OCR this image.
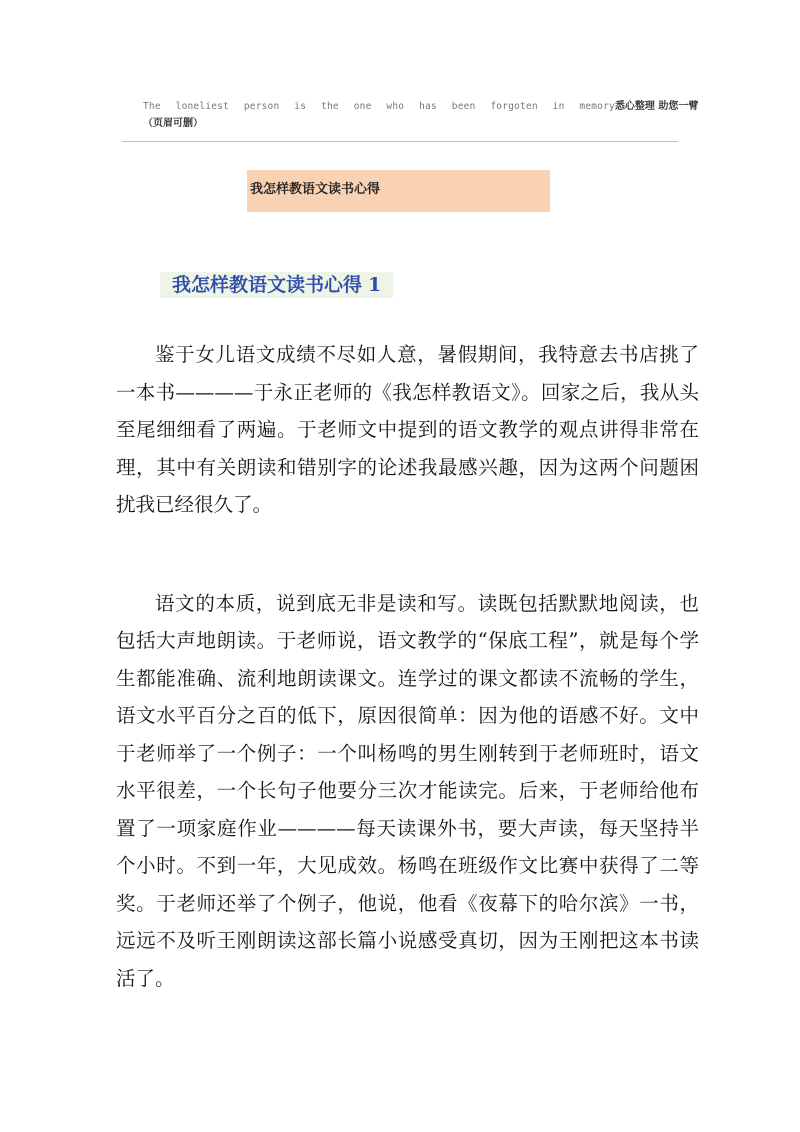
The loneliest person is the one who has been forgoten in memory悉心整理 助您一臂（页眉可删）
我怎样教语文读书心得
我怎样教语文读书心得 1

鉴于女儿语文成绩不尽如人意，暑假期间，我特意去书店挑了一本书————于永正老师的《我怎样教语文》。回家之后，我从头至尾细细看了两遍。于老师文中提到的语文教学的观点讲得非常在理，其中有关朗读和错别字的论述我最感兴趣，因为这两个问题困扰我已经很久了。

语文的本质，说到底无非是读和写。读既包括默默地阅读，也包括大声地朗读。于老师说，语文教学的“保底工程”，就是每个学生都能准确、流利地朗读课文。连学过的课文都读不流畅的学生，语文水平百分之百的低下，原因很简单：因为他的语感不好。文中于老师举了一个例子：一个叫杨鸣的男生刚转到于老师班时，语文水平很差，一个长句子他要分三次才能读完。后来，于老师给他布置了一项家庭作业————每天读课外书，要大声读，每天坚持半个小时。不到一年，大见成效。杨鸣在班级作文比赛中获得了二等奖。于老师还举了个例子，他说，他看《夜幕下的哈尔滨》一书，远远不及听王刚朗读这部长篇小说感受真切，因为王刚把这本书读活了。
